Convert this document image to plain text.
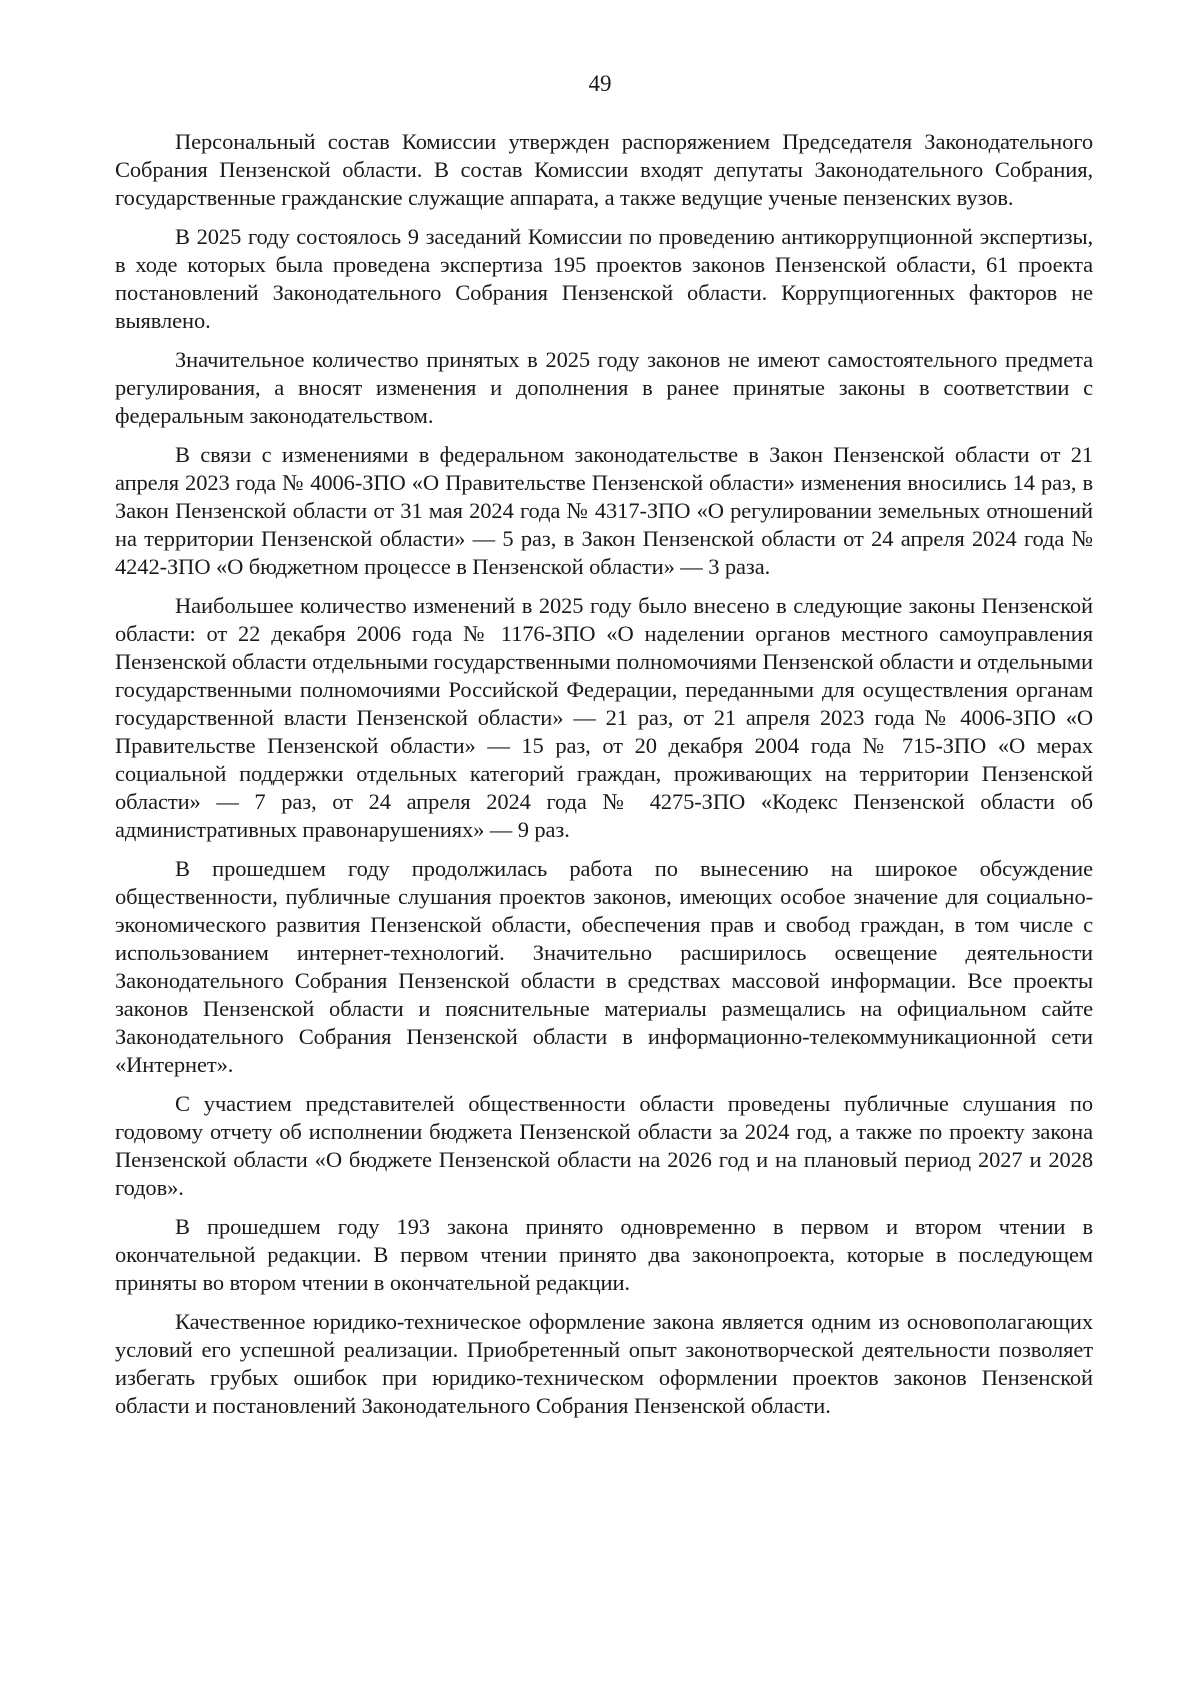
49

Персональный состав Комиссии утвержден распоряжением Председателя Законодательного Собрания Пензенской области. В состав Комиссии входят депутаты Законодательного Собрания, государственные гражданские служащие аппарата, а также ведущие ученые пензенских вузов.

В 2025 году состоялось 9 заседаний Комиссии по проведению антикоррупционной экспертизы, в ходе которых была проведена экспертиза 195 проектов законов Пензенской области, 61 проекта постановлений Законодательного Собрания Пензенской области. Коррупциогенных факторов не выявлено.

Значительное количество принятых в 2025 году законов не имеют самостоятельного предмета регулирования, а вносят изменения и дополнения в ранее принятые законы в соответствии с федеральным законодательством.

В связи с изменениями в федеральном законодательстве в Закон Пензенской области от 21 апреля 2023 года № 4006-ЗПО «О Правительстве Пензенской области» изменения вносились 14 раз, в Закон Пензенской области от 31 мая 2024 года № 4317-ЗПО «О регулировании земельных отношений на территории Пензенской области» — 5 раз, в Закон Пензенской области от 24 апреля 2024 года № 4242-ЗПО «О бюджетном процессе в Пензенской области» — 3 раза.

Наибольшее количество изменений в 2025 году было внесено в следующие законы Пензенской области: от 22 декабря 2006 года № 1176-ЗПО «О наделении органов местного самоуправления Пензенской области отдельными государственными полномочиями Пензенской области и отдельными государственными полномочиями Российской Федерации, переданными для осуществления органам государственной власти Пензенской области» — 21 раз, от 21 апреля 2023 года № 4006-ЗПО «О Правительстве Пензенской области» — 15 раз, от 20 декабря 2004 года № 715-ЗПО «О мерах социальной поддержки отдельных категорий граждан, проживающих на территории Пензенской области» — 7 раз, от 24 апреля 2024 года № 4275-ЗПО «Кодекс Пензенской области об административных правонарушениях» — 9 раз.

В прошедшем году продолжилась работа по вынесению на широкое обсуждение общественности, публичные слушания проектов законов, имеющих особое значение для социально-экономического развития Пензенской области, обеспечения прав и свобод граждан, в том числе с использованием интернет-технологий. Значительно расширилось освещение деятельности Законодательного Собрания Пензенской области в средствах массовой информации. Все проекты законов Пензенской области и пояснительные материалы размещались на официальном сайте Законодательного Собрания Пензенской области в информационно-телекоммуникационной сети «Интернет».

С участием представителей общественности области проведены публичные слушания по годовому отчету об исполнении бюджета Пензенской области за 2024 год, а также по проекту закона Пензенской области «О бюджете Пензенской области на 2026 год и на плановый период 2027 и 2028 годов».

В прошедшем году 193 закона принято одновременно в первом и втором чтении в окончательной редакции. В первом чтении принято два законопроекта, которые в последующем приняты во втором чтении в окончательной редакции.

Качественное юридико-техническое оформление закона является одним из основополагающих условий его успешной реализации. Приобретенный опыт законотворческой деятельности позволяет избегать грубых ошибок при юридико-техническом оформлении проектов законов Пензенской области и постановлений Законодательного Собрания Пензенской области.
